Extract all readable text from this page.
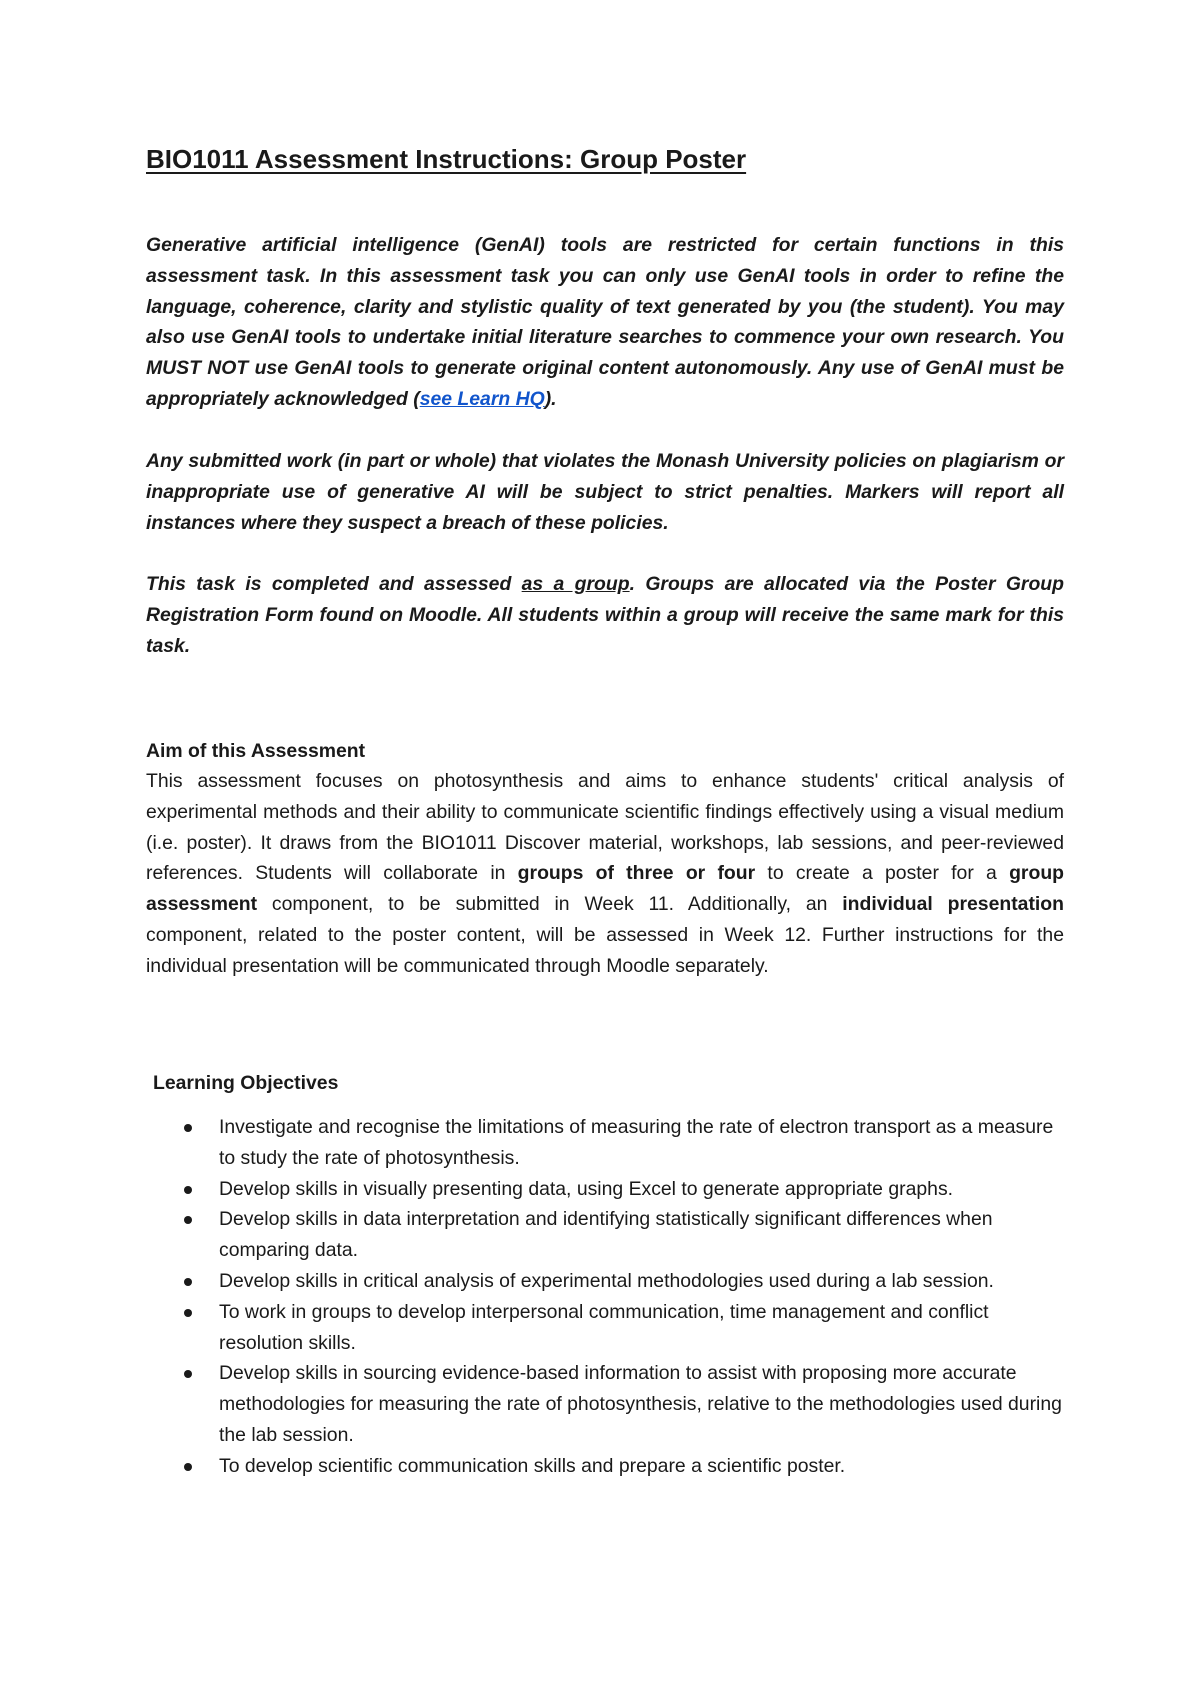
BIO1011 Assessment Instructions: Group Poster

Generative artificial intelligence (GenAI) tools are restricted for certain functions in this assessment task. In this assessment task you can only use GenAI tools in order to refine the language, coherence, clarity and stylistic quality of text generated by you (the student). You may also use GenAI tools to undertake initial literature searches to commence your own research. You MUST NOT use GenAI tools to generate original content autonomously. Any use of GenAI must be appropriately acknowledged (see Learn HQ).

Any submitted work (in part or whole) that violates the Monash University policies on plagiarism or inappropriate use of generative AI will be subject to strict penalties. Markers will report all instances where they suspect a breach of these policies.

This task is completed and assessed as a group. Groups are allocated via the Poster Group Registration Form found on Moodle. All students within a group will receive the same mark for this task.

Aim of this Assessment

This assessment focuses on photosynthesis and aims to enhance students' critical analysis of experimental methods and their ability to communicate scientific findings effectively using a visual medium (i.e. poster). It draws from the BIO1011 Discover material, workshops, lab sessions, and peer-reviewed references. Students will collaborate in groups of three or four to create a poster for a group assessment component, to be submitted in Week 11. Additionally, an individual presentation component, related to the poster content, will be assessed in Week 12. Further instructions for the individual presentation will be communicated through Moodle separately.

Learning Objectives
Investigate and recognise the limitations of measuring the rate of electron transport as a measure to study the rate of photosynthesis.
Develop skills in visually presenting data, using Excel to generate appropriate graphs.
Develop skills in data interpretation and identifying statistically significant differences when comparing data.
Develop skills in critical analysis of experimental methodologies used during a lab session.
To work in groups to develop interpersonal communication, time management and conflict resolution skills.
Develop skills in sourcing evidence-based information to assist with proposing more accurate methodologies for measuring the rate of photosynthesis, relative to the methodologies used during the lab session.
To develop scientific communication skills and prepare a scientific poster.
